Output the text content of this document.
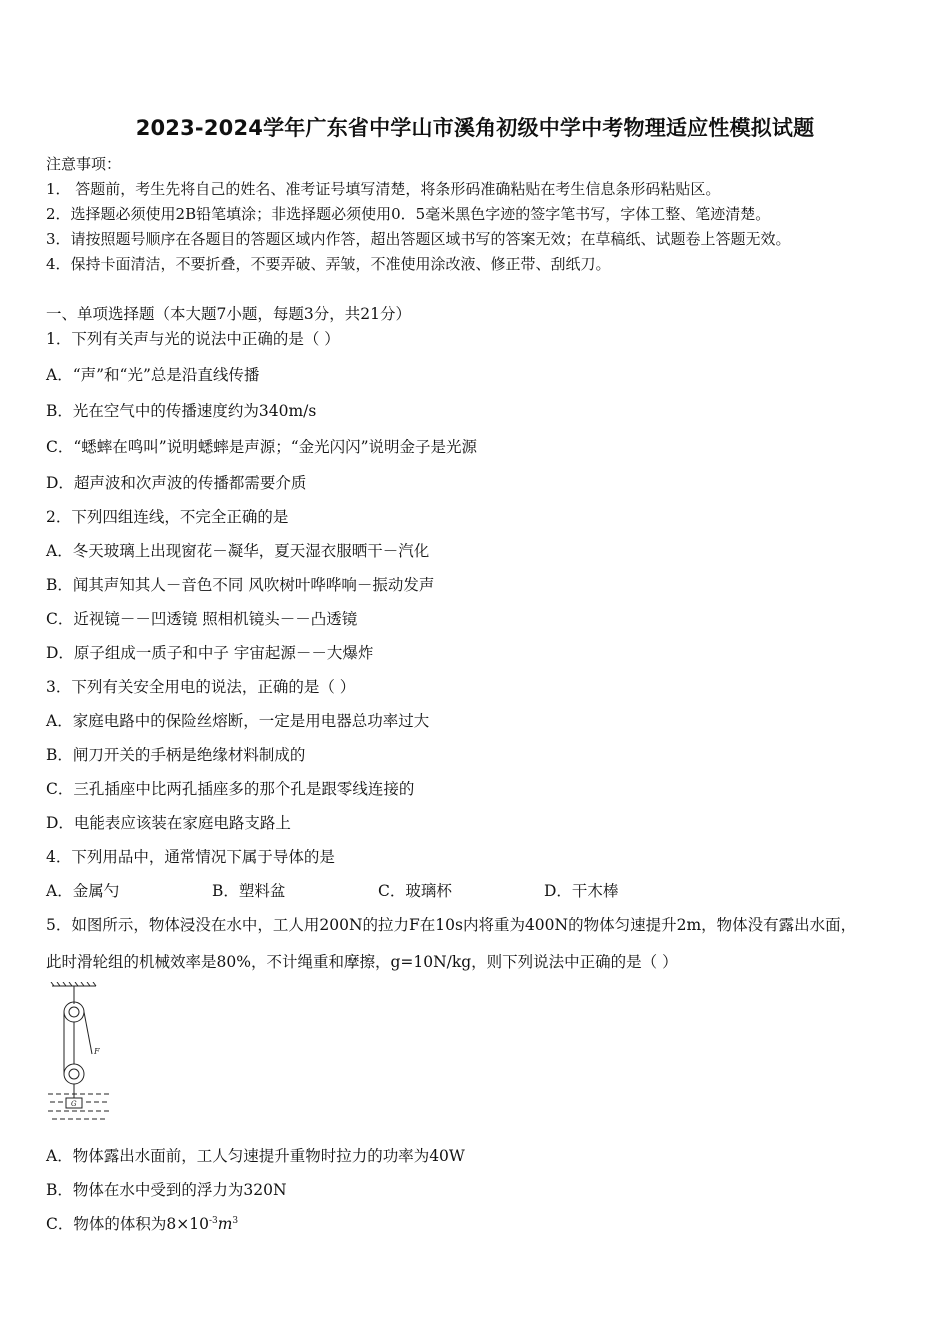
2023-2024学年广东省中学山市溪角初级中学中考物理适应性模拟试题
注意事项：
1． 答题前，考生先将自己的姓名、准考证号填写清楚，将条形码准确粘贴在考生信息条形码粘贴区。
2．选择题必须使用2B铅笔填涂；非选择题必须使用0．5毫米黑色字迹的签字笔书写，字体工整、笔迹清楚。
3．请按照题号顺序在各题目的答题区域内作答，超出答题区域书写的答案无效；在草稿纸、试题卷上答题无效。
4．保持卡面清洁，不要折叠，不要弄破、弄皱，不准使用涂改液、修正带、刮纸刀。
一、单项选择题（本大题7小题，每题3分，共21分）
1．下列有关声与光的说法中正确的是（ ）
A．“声”和“光”总是沿直线传播
B．光在空气中的传播速度约为340m/s
C．“蟋蟀在鸣叫”说明蟋蟀是声源；“金光闪闪”说明金子是光源
D．超声波和次声波的传播都需要介质
2．下列四组连线，不完全正确的是
A．冬天玻璃上出现窗花－凝华，夏天湿衣服晒干－汽化
B．闻其声知其人－音色不同 风吹树叶哗哗响－振动发声
C．近视镜－－凹透镜 照相机镜头－－凸透镜
D．原子组成一质子和中子 宇宙起源－－大爆炸
3．下列有关安全用电的说法，正确的是（ ）
A．家庭电路中的保险丝熔断，一定是用电器总功率过大
B．闸刀开关的手柄是绝缘材料制成的
C．三孔插座中比两孔插座多的那个孔是跟零线连接的
D．电能表应该装在家庭电路支路上
4．下列用品中，通常情况下属于导体的是
A．金属勺	B．塑料盆	C．玻璃杯	D．干木棒
5．如图所示，物体浸没在水中，工人用200N的拉力F在10s内将重为400N的物体匀速提升2m，物体没有露出水面，
此时滑轮组的机械效率是80%，不计绳重和摩擦，g=10N/kg，则下列说法中正确的是（ ）
F
G
A．物体露出水面前，工人匀速提升重物时拉力的功率为40W
B．物体在水中受到的浮力为320N
C．物体的体积为$8\times 10^{-3}m^3$
